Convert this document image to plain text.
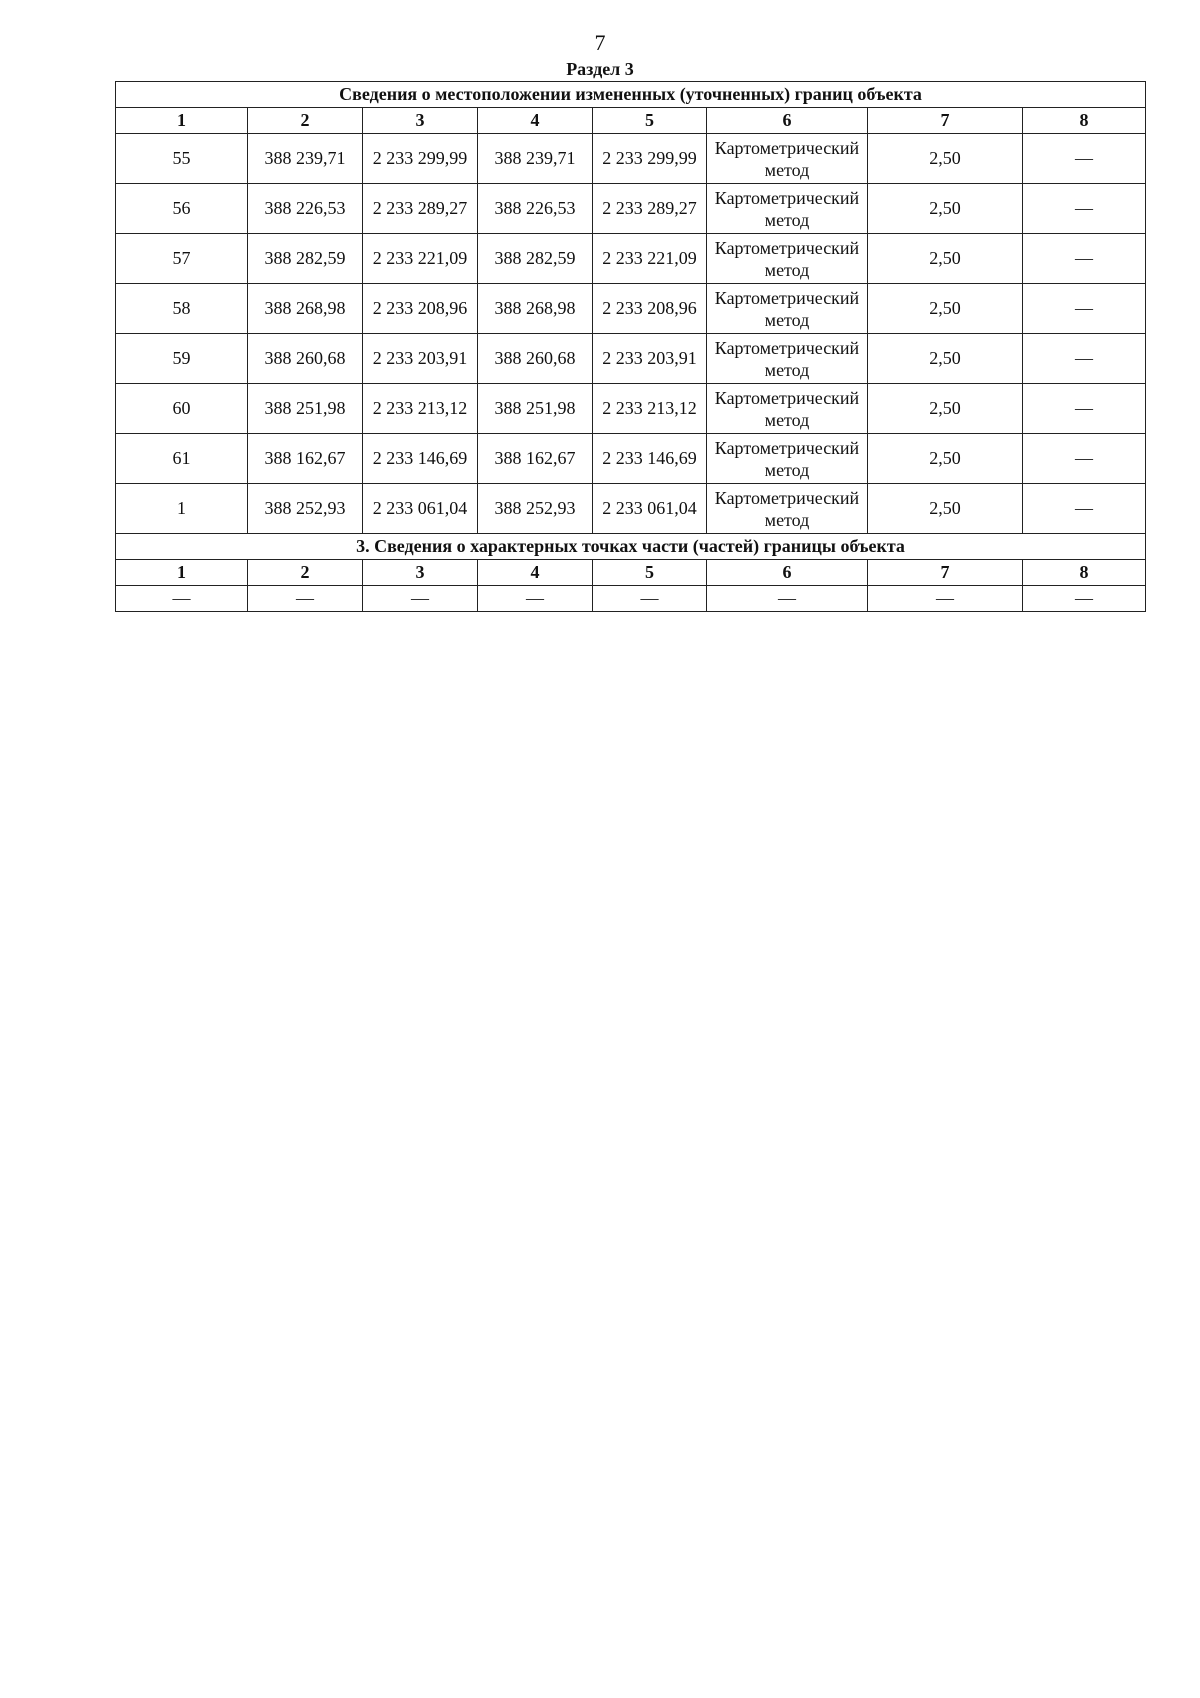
7
Раздел 3
Сведения о местоположении измененных (уточненных) границ объекта							
1	2	3	4	5	6	7	8
55	388 239,71	2 233 299,99	388 239,71	2 233 299,99	Картометрический метод	2,50	—
56	388 226,53	2 233 289,27	388 226,53	2 233 289,27	Картометрический метод	2,50	—
57	388 282,59	2 233 221,09	388 282,59	2 233 221,09	Картометрический метод	2,50	—
58	388 268,98	2 233 208,96	388 268,98	2 233 208,96	Картометрический метод	2,50	—
59	388 260,68	2 233 203,91	388 260,68	2 233 203,91	Картометрический метод	2,50	—
60	388 251,98	2 233 213,12	388 251,98	2 233 213,12	Картометрический метод	2,50	—
61	388 162,67	2 233 146,69	388 162,67	2 233 146,69	Картометрический метод	2,50	—
1	388 252,93	2 233 061,04	388 252,93	2 233 061,04	Картометрический метод	2,50	—
3. Сведения о характерных точках части (частей) границы объекта							
1	2	3	4	5	6	7	8
—	—	—	—	—	—	—	—
